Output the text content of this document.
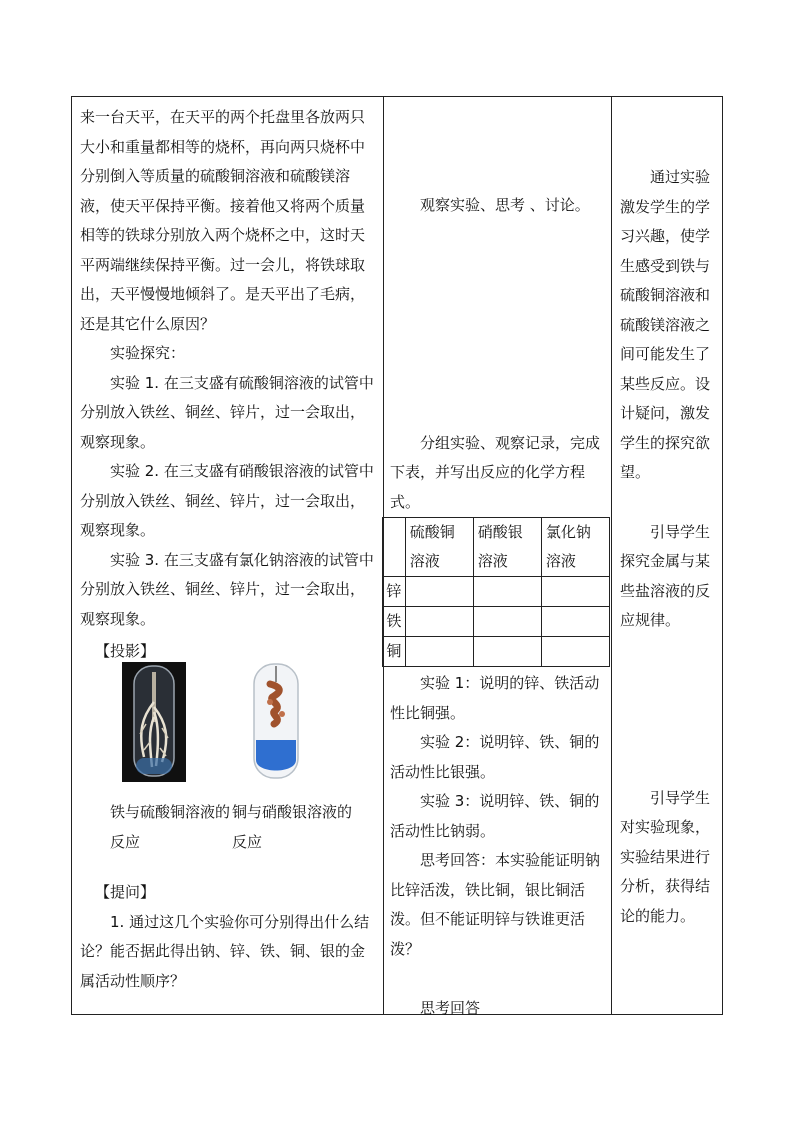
来一台天平，在天平的两个托盘里各放两只大小和重量都相等的烧杯，再向两只烧杯中分别倒入等质量的硫酸铜溶液和硫酸镁溶液，使天平保持平衡。接着他又将两个质量相等的铁球分别放入两个烧杯之中，这时天平两端继续保持平衡。过一会儿，将铁球取出，天平慢慢地倾斜了。是天平出了毛病，还是其它什么原因？

实验探究：

实验 1. 在三支盛有硫酸铜溶液的试管中分别放入铁丝、铜丝、锌片，过一会取出，观察现象。

实验 2. 在三支盛有硝酸银溶液的试管中分别放入铁丝、铜丝、锌片，过一会取出，观察现象。

实验 3. 在三支盛有氯化钠溶液的试管中分别放入铁丝、铜丝、锌片，过一会取出，观察现象。

【投影】

铁与硫酸铜溶液的反应

铜与硝酸银溶液的反应

【提问】

1. 通过这几个实验你可分别得出什么结论？能否据此得出钠、锌、铁、铜、银的金属活动性顺序？

观察实验、思考 、讨论。

分组实验、观察记录，完成下表，并写出反应的化学方程式。

	硫酸铜溶液	硝酸银溶液	氯化钠溶液
锌			
铁			
铜			

实验 1：说明的锌、铁活动性比铜强。

实验 2：说明锌、铁、铜的活动性比银强。

实验 3：说明锌、铁、铜的活动性比钠弱。

思考回答：本实验能证明钠比锌活泼，铁比铜，银比铜活泼。但不能证明锌与铁谁更活泼？

思考回答

通过实验激发学生的学习兴趣，使学生感受到铁与硫酸铜溶液和硫酸镁溶液之间可能发生了某些反应。设计疑问，激发学生的探究欲望。

引导学生探究金属与某些盐溶液的反应规律。

引导学生对实验现象，实验结果进行分析，获得结论的能力。
